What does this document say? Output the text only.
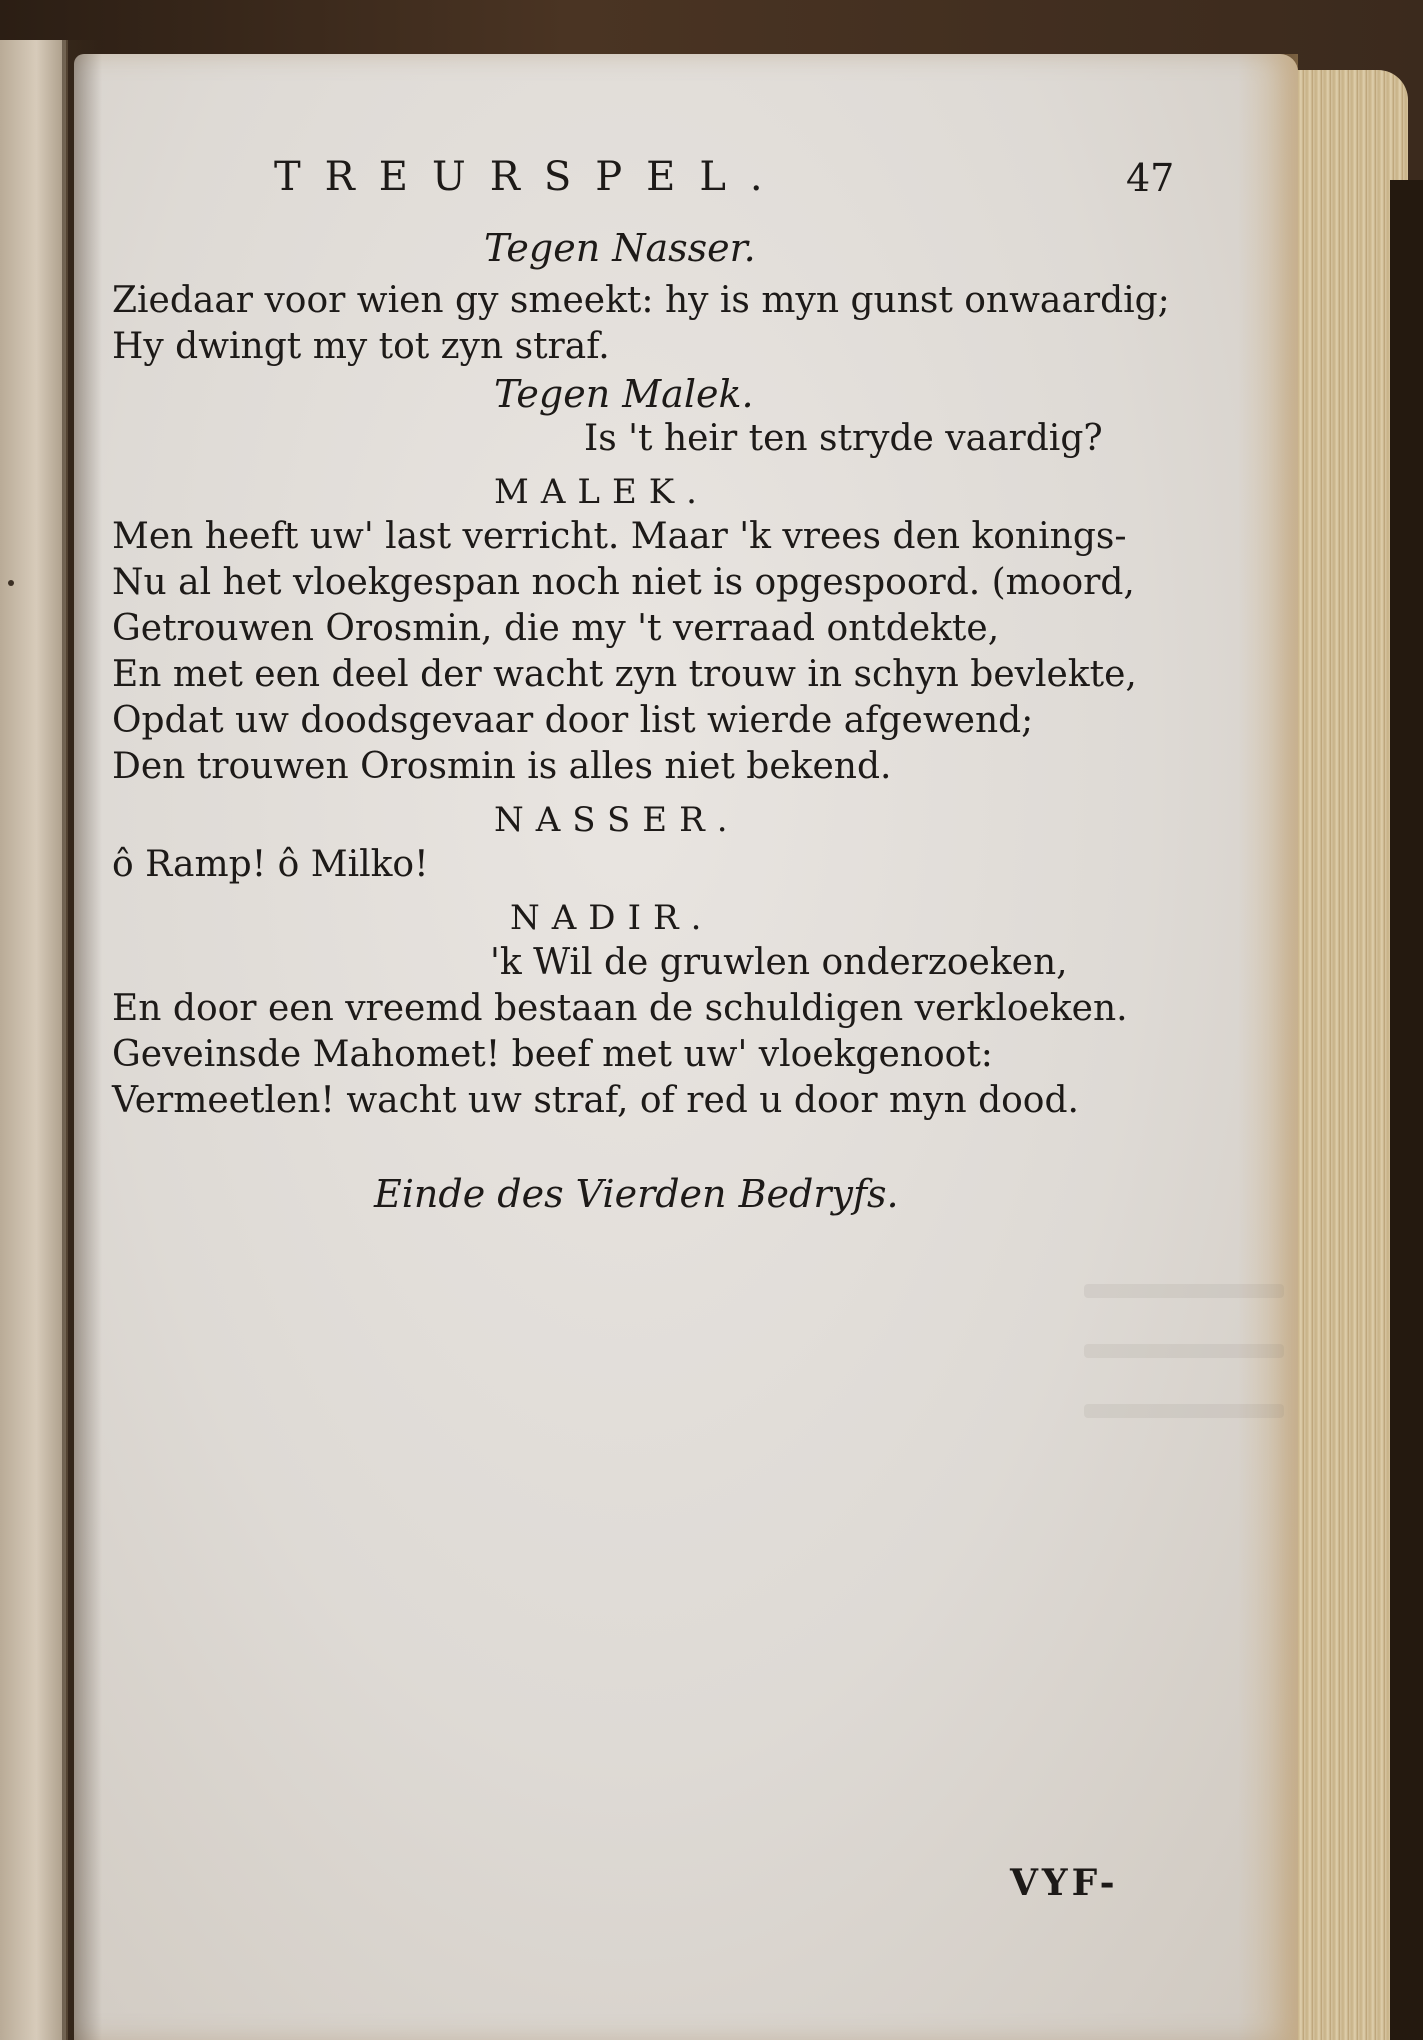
TREURSPEL.	47
Tegen Nasser.
Ziedaar voor wien gy smeekt: hy is myn gunst onwaardig;
Hy dwingt my tot zyn straf.
Tegen Malek.
Is 't heir ten stryde vaardig?
MALEK.
Men heeft uw' last verricht. Maar 'k vrees den konings-
Nu al het vloekgespan noch niet is opgespoord. (moord,
Getrouwen Orosmin, die my 't verraad ontdekte,
En met een deel der wacht zyn trouw in schyn bevlekte,
Opdat uw doodsgevaar door list wierde afgewend;
Den trouwen Orosmin is alles niet bekend.
NASSER.
ô Ramp! ô Milko!
NADIR.
'k Wil de gruwlen onderzoeken,
En door een vreemd bestaan de schuldigen verkloeken.
Geveinsde Mahomet! beef met uw' vloekgenoot:
Vermeetlen! wacht uw straf, of red u door myn dood.
Einde des Vierden Bedryfs.
VYF-
